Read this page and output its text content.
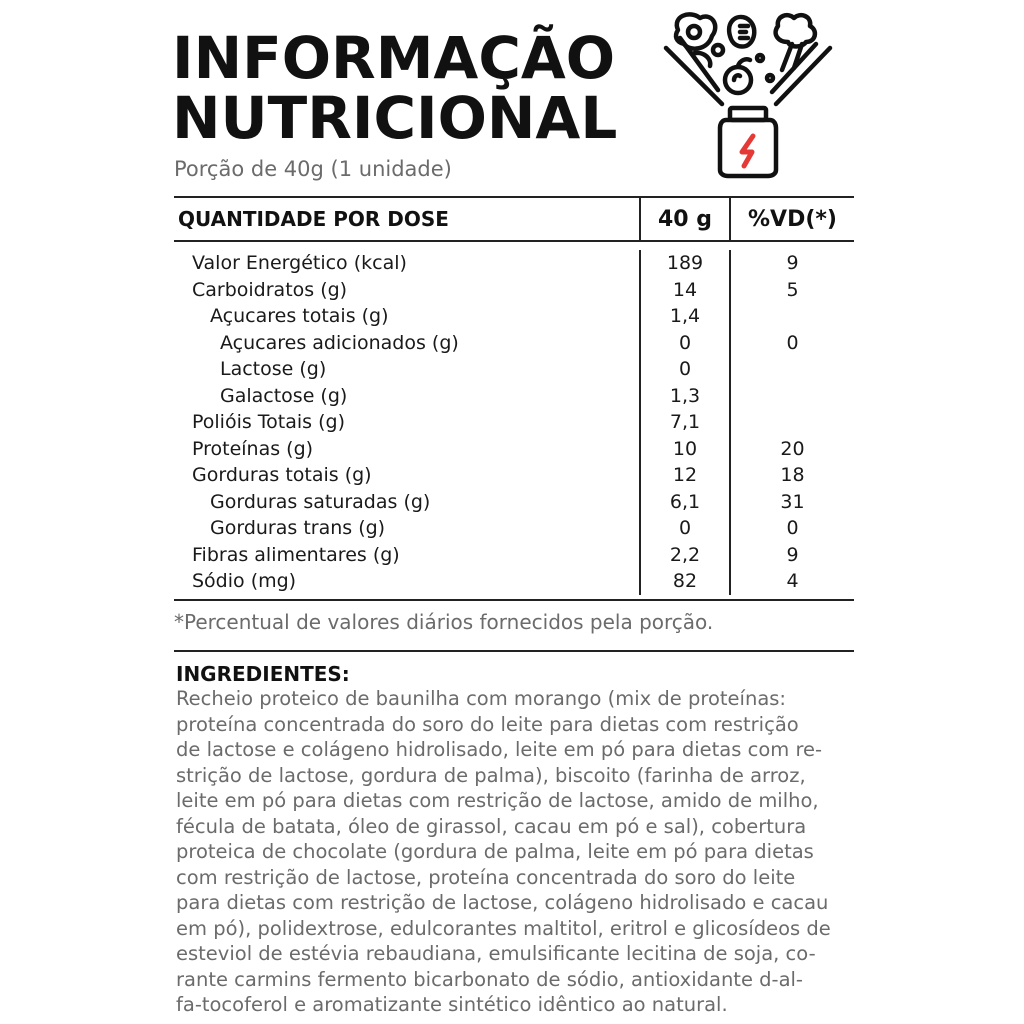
INFORMAÇÃO
NUTRICIONAL
Porção de 40g (1 unidade)
QUANTIDADE POR DOSE	40 g	%VD(*)
Valor Energético (kcal)	189	9
Carboidratos (g)	14	5
Açucares totais (g)	1,4
Açucares adicionados (g)	0	0
Lactose (g)	0
Galactose (g)	1,3
Polióis Totais (g)	7,1
Proteínas (g)	10	20
Gorduras totais (g)	12	18
Gorduras saturadas (g)	6,1	31
Gorduras trans (g)	0	0
Fibras alimentares (g)	2,2	9
Sódio (mg)	82	4
*Percentual de valores diários fornecidos pela porção.
INGREDIENTES:
Recheio proteico de baunilha com morango (mix de proteínas:
proteína concentrada do soro do leite para dietas com restrição
de lactose e colágeno hidrolisado, leite em pó para dietas com re-
strição de lactose, gordura de palma), biscoito (farinha de arroz,
leite em pó para dietas com restrição de lactose, amido de milho,
fécula de batata, óleo de girassol, cacau em pó e sal), cobertura
proteica de chocolate (gordura de palma, leite em pó para dietas
com restrição de lactose, proteína concentrada do soro do leite
para dietas com restrição de lactose, colágeno hidrolisado e cacau
em pó), polidextrose, edulcorantes maltitol, eritrol e glicosídeos de
esteviol de estévia rebaudiana, emulsificante lecitina de soja, co-
rante carmins fermento bicarbonato de sódio, antioxidante d-al-
fa-tocoferol e aromatizante sintético idêntico ao natural.
